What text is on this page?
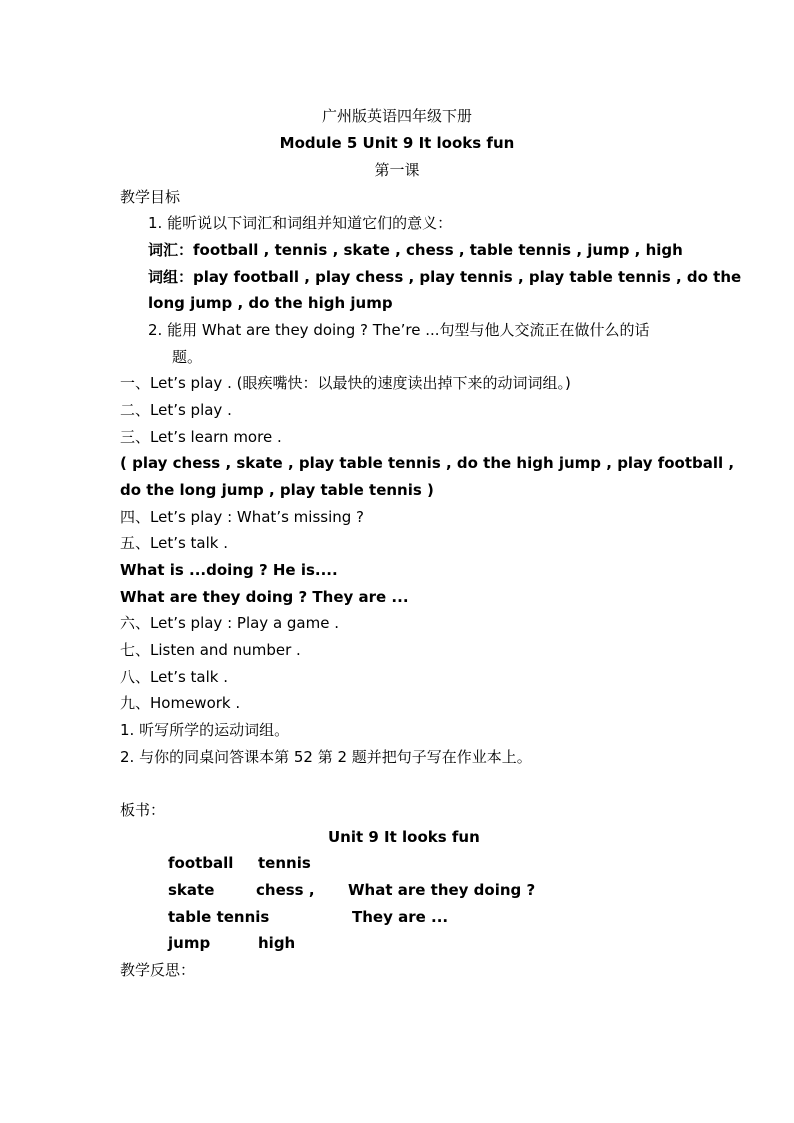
广州版英语四年级下册
Module 5 Unit 9 It looks fun
第一课
教学目标
1. 能听说以下词汇和词组并知道它们的意义：
词汇：football , tennis , skate , chess , table tennis , jump , high
词组：play football , play chess , play tennis , play table tennis , do the
long jump , do the high jump
2. 能用 What are they doing ? The’re ...句型与他人交流正在做什么的话
题。
一、Let’s play . (眼疾嘴快：以最快的速度读出掉下来的动词词组。)
二、Let’s play .
三、Let’s learn more .
( play chess , skate , play table tennis , do the high jump , play football ,
do the long jump , play table tennis )
四、Let’s play : What’s missing ?
五、Let’s talk .
What is ...doing ? He is....
What are they doing ? They are ...
六、Let’s play : Play a game .
七、Listen and number .
八、Let’s talk .
九、Homework .
1. 听写所学的运动词组。
2. 与你的同桌问答课本第 52 第 2 题并把句子写在作业本上。
板书：
Unit 9 It looks fun
football tennis
skate	chess , What are they doing ?
table tennis	They are ...
jump	high
教学反思：
